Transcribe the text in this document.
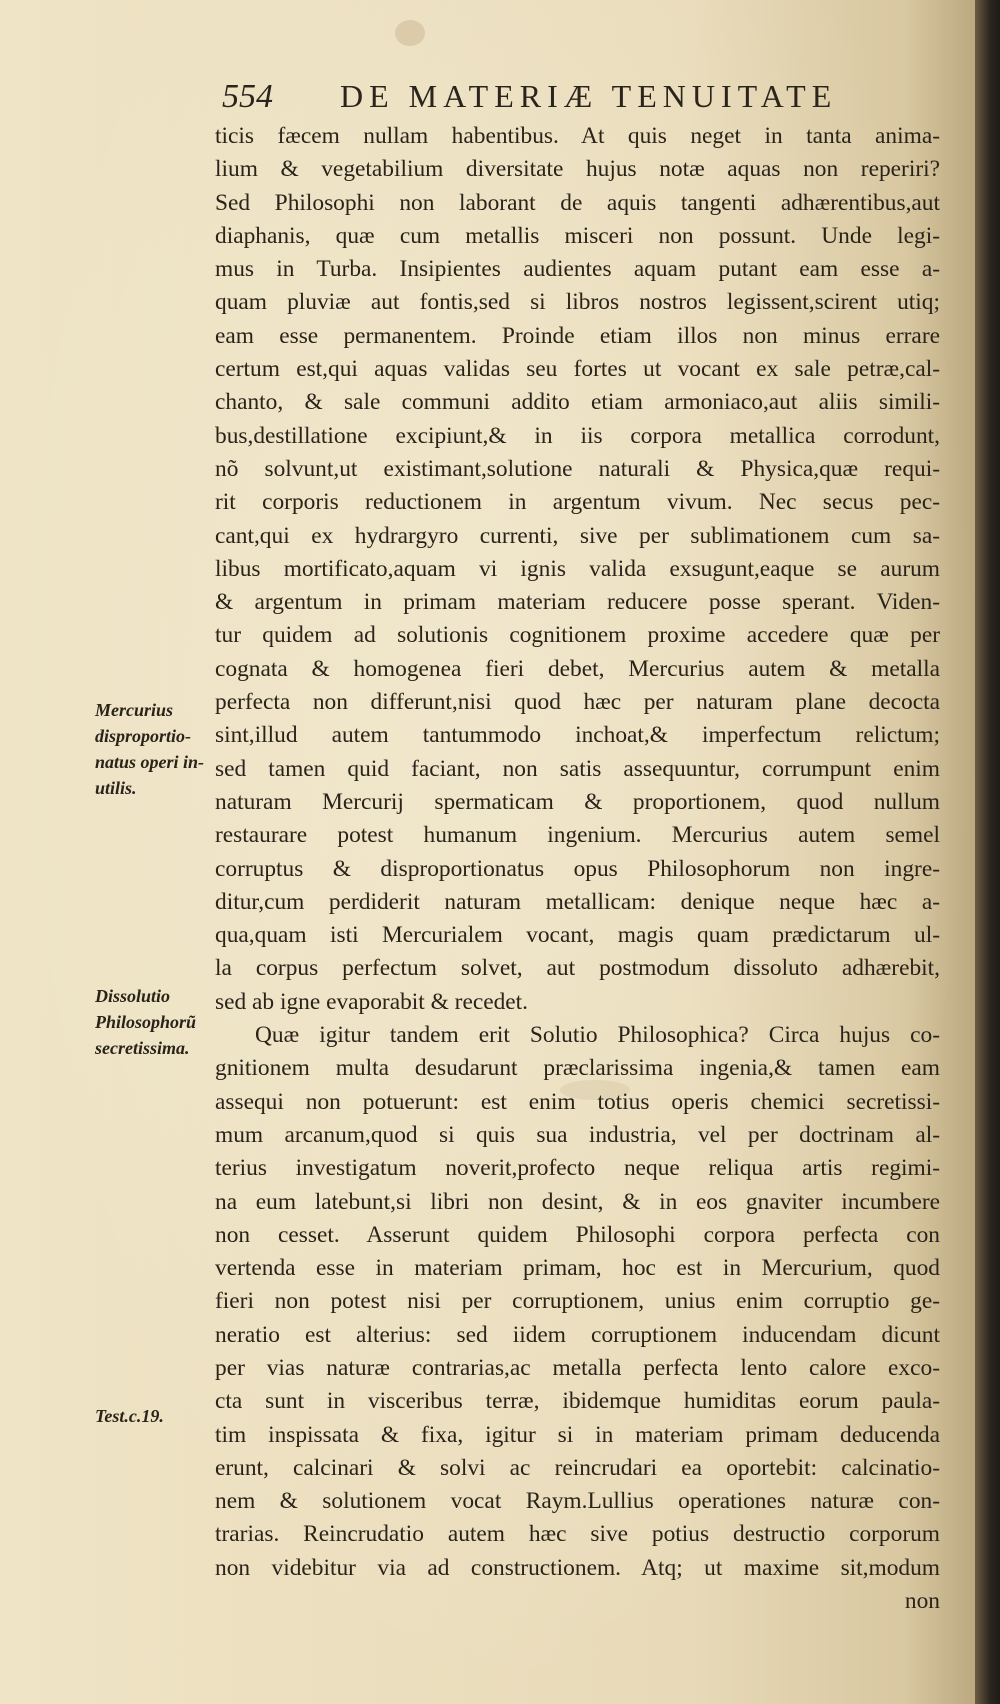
554 DE MATERIÆ TENUITATE
Mercurius
disproportio-
natus operi in-
utilis.
Dissolutio
Philosophorũ
secretissima.
Test.c.19.
ticis fæcem nullam habentibus. At quis neget in tanta anima-
lium & vegetabilium diversitate hujus notæ aquas non reperiri?
Sed Philosophi non laborant de aquis tangenti adhærentibus,aut
diaphanis, quæ cum metallis misceri non possunt. Unde legi-
mus in Turba. Insipientes audientes aquam putant eam esse a-
quam pluviæ aut fontis,sed si libros nostros legissent,scirent utiq;
eam esse permanentem. Proinde etiam illos non minus errare
certum est,qui aquas validas seu fortes ut vocant ex sale petræ,cal-
chanto, & sale communi addito etiam armoniaco,aut aliis simili-
bus,destillatione excipiunt,& in iis corpora metallica corrodunt,
nõ solvunt,ut existimant,solutione naturali & Physica,quæ requi-
rit corporis reductionem in argentum vivum. Nec secus pec-
cant,qui ex hydrargyro currenti, sive per sublimationem cum sa-
libus mortificato,aquam vi ignis valida exsugunt,eaque se aurum
& argentum in primam materiam reducere posse sperant. Viden-
tur quidem ad solutionis cognitionem proxime accedere quæ per
cognata & homogenea fieri debet, Mercurius autem & metalla
perfecta non differunt,nisi quod hæc per naturam plane decocta
sint,illud autem tantummodo inchoat,& imperfectum relictum;
sed tamen quid faciant, non satis assequuntur, corrumpunt enim
naturam Mercurij spermaticam & proportionem, quod nullum
restaurare potest humanum ingenium. Mercurius autem semel
corruptus & disproportionatus opus Philosophorum non ingre-
ditur,cum perdiderit naturam metallicam: denique neque hæc a-
qua,quam isti Mercurialem vocant, magis quam prædictarum ul-
la corpus perfectum solvet, aut postmodum dissoluto adhærebit,
sed ab igne evaporabit & recedet.
Quæ igitur tandem erit Solutio Philosophica? Circa hujus co-
gnitionem multa desudarunt præclarissima ingenia,& tamen eam
assequi non potuerunt: est enim totius operis chemici secretissi-
mum arcanum,quod si quis sua industria, vel per doctrinam al-
terius investigatum noverit,profecto neque reliqua artis regimi-
na eum latebunt,si libri non desint, & in eos gnaviter incumbere
non cesset. Asserunt quidem Philosophi corpora perfecta con
vertenda esse in materiam primam, hoc est in Mercurium, quod
fieri non potest nisi per corruptionem, unius enim corruptio ge-
neratio est alterius: sed iidem corruptionem inducendam dicunt
per vias naturæ contrarias,ac metalla perfecta lento calore exco-
cta sunt in visceribus terræ, ibidemque humiditas eorum paula-
tim inspissata & fixa, igitur si in materiam primam deducenda
erunt, calcinari & solvi ac reincrudari ea oportebit: calcinatio-
nem & solutionem vocat Raym.Lullius operationes naturæ con-
trarias. Reincrudatio autem hæc sive potius destructio corporum
non videbitur via ad constructionem. Atq; ut maxime sit,modum
non
